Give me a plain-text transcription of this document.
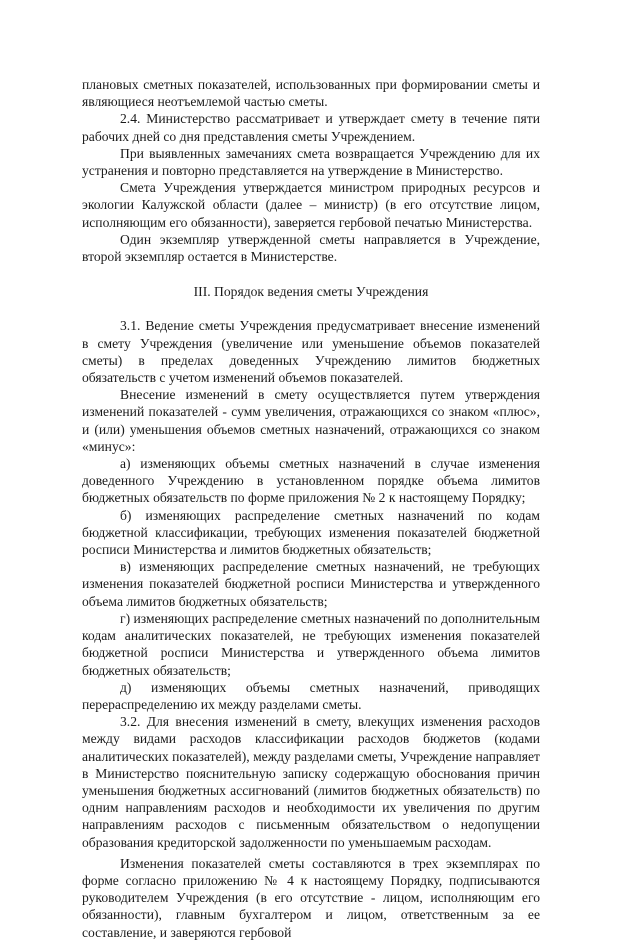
плановых сметных показателей, использованных при формировании сметы и являющиеся неотъемлемой частью сметы.

2.4. Министерство рассматривает и утверждает смету в течение пяти рабочих дней со дня представления сметы Учреждением.

При выявленных замечаниях смета возвращается Учреждению для их устранения и повторно представляется на утверждение в Министерство.

Смета Учреждения утверждается министром природных ресурсов и экологии Калужской области (далее – министр) (в его отсутствие лицом, исполняющим его обязанности), заверяется гербовой печатью Министерства.

Один экземпляр утвержденной сметы направляется в Учреждение, второй экземпляр остается в Министерстве.

III. Порядок ведения сметы Учреждения

3.1. Ведение сметы Учреждения предусматривает внесение изменений в смету Учреждения (увеличение или уменьшение объемов показателей сметы) в пределах доведенных Учреждению лимитов бюджетных обязательств с учетом изменений объемов показателей.

Внесение изменений в смету осуществляется путем утверждения изменений показателей - сумм увеличения, отражающихся со знаком «плюс», и (или) уменьшения объемов сметных назначений, отражающихся со знаком «минус»:

а) изменяющих объемы сметных назначений в случае изменения доведенного Учреждению в установленном порядке объема лимитов бюджетных обязательств по форме приложения № 2 к настоящему Порядку;

б) изменяющих распределение сметных назначений по кодам бюджетной классификации, требующих изменения показателей бюджетной росписи Министерства и лимитов бюджетных обязательств;

в) изменяющих распределение сметных назначений, не требующих изменения показателей бюджетной росписи Министерства и утвержденного объема лимитов бюджетных обязательств;

г) изменяющих распределение сметных назначений по дополнительным кодам аналитических показателей, не требующих изменения показателей бюджетной росписи Министерства и утвержденного объема лимитов бюджетных обязательств;

д) изменяющих объемы сметных назначений, приводящих перераспределению их между разделами сметы.

3.2. Для внесения изменений в смету, влекущих изменения расходов между видами расходов классификации расходов бюджетов (кодами аналитических показателей), между разделами сметы, Учреждение направляет в Министерство пояснительную записку содержащую обоснования причин уменьшения бюджетных ассигнований (лимитов бюджетных обязательств) по одним направлениям расходов и необходимости их увеличения по другим направлениям расходов с письменным обязательством о недопущении образования кредиторской задолженности по уменьшаемым расходам.

Изменения показателей сметы составляются в трех экземплярах по форме согласно приложению № 4 к настоящему Порядку, подписываются руководителем Учреждения (в его отсутствие - лицом, исполняющим его обязанности), главным бухгалтером и лицом, ответственным за ее составление, и заверяются гербовой
